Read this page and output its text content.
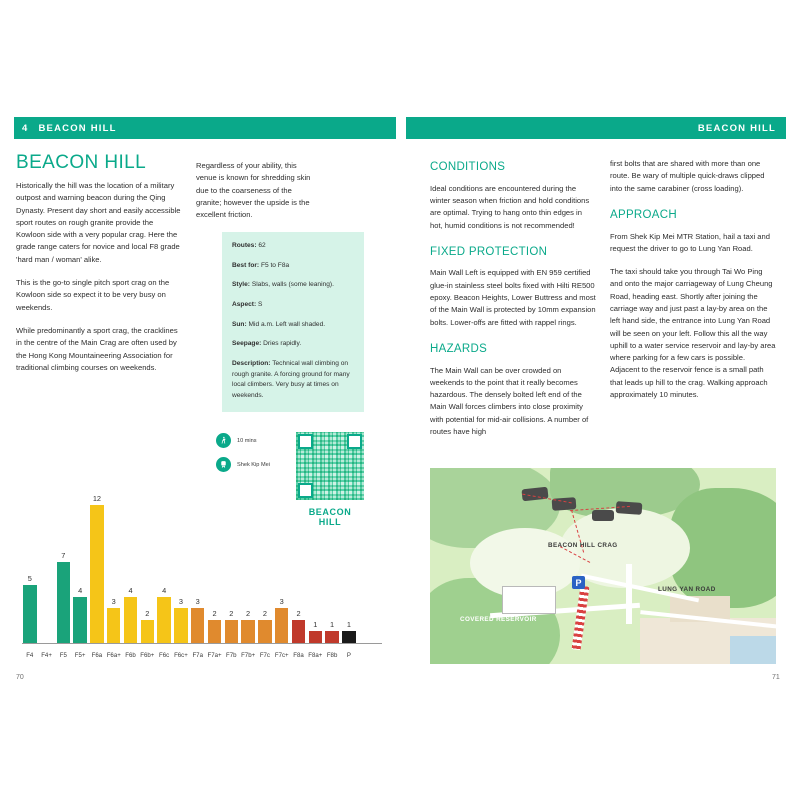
4	BEACON HILL	BEACON HILL
70	71
BEACON HILL

Historically the hill was the location of a military outpost and warning beacon during the Qing Dynasty. Present day short and easily accessible sport routes on rough granite provide the Kowloon side with a very popular crag. Here the grade range caters for novice and local F8 grade 'hard man / woman' alike.

This is the go-to single pitch sport crag on the Kowloon side so expect it to be very busy on weekends.

While predominantly a sport crag, the cracklines in the centre of the Main Crag are often used by the Hong Kong Mountaineering Association for traditional climbing courses on weekends.

Regardless of your ability, this venue is known for shredding skin due to the coarseness of the granite; however the upside is the excellent friction.

Routes: 62
Best for: F5 to F8a
Style: Slabs, walls (some leaning).
Aspect: S
Sun: Mid a.m. Left wall shaded.
Seepage: Dries rapidly.
Description: Technical wall climbing on rough granite. A forcing ground for many local climbers. Very busy at times on weekends.
10 mins
Shek Kip Mei
BEACON HILL
5
7
4
12
3
4
2
4
3 3
2 2 2 2
3
2
1 1 1
F4	F4+	F5	F5+	F6a F6a+ F6b F6b+ F6c F6c+ F7a F7a+ F7b F7b+ F7c F7c+ F8a F8a+ F8b	P
CONDITIONS

Ideal conditions are encountered during the winter season when friction and hold conditions are optimal. Trying to hang onto thin edges in hot, humid conditions is not recommended!

FIXED PROTECTION

Main Wall Left is equipped with EN 959 certified glue-in stainless steel bolts fixed with Hilti RE500 epoxy. Beacon Heights, Lower Buttress and most of the Main Wall is protected by 10mm expansion bolts. Lower-offs are fitted with rappel rings.

HAZARDS

The Main Wall can be over crowded on weekends to the point that it really becomes hazardous. The densely bolted left end of the Main Wall forces climbers into close proximity with potential for mid-air collisions. A number of routes have high

first bolts that are shared with more than one route. Be wary of multiple quick-draws clipped into the same carabiner (cross loading).

APPROACH

From Shek Kip Mei MTR Station, hail a taxi and request the driver to go to Lung Yan Road.

The taxi should take you through Tai Wo Ping and onto the major carriageway of Lung Cheung Road, heading east. Shortly after joining the carriage way and just past a lay-by area on the left hand side, the entrance into Lung Yan Road will be seen on your left. Follow this all the way uphill to a water service reservoir and lay-by area where parking for a few cars is possible. Adjacent to the reservoir fence is a small path that leads up hill to the crag. Walking approach approximately 10 minutes.

P
BEACON HILL CRAG
COVERED RESERVOIR
LUNG YAN ROAD
